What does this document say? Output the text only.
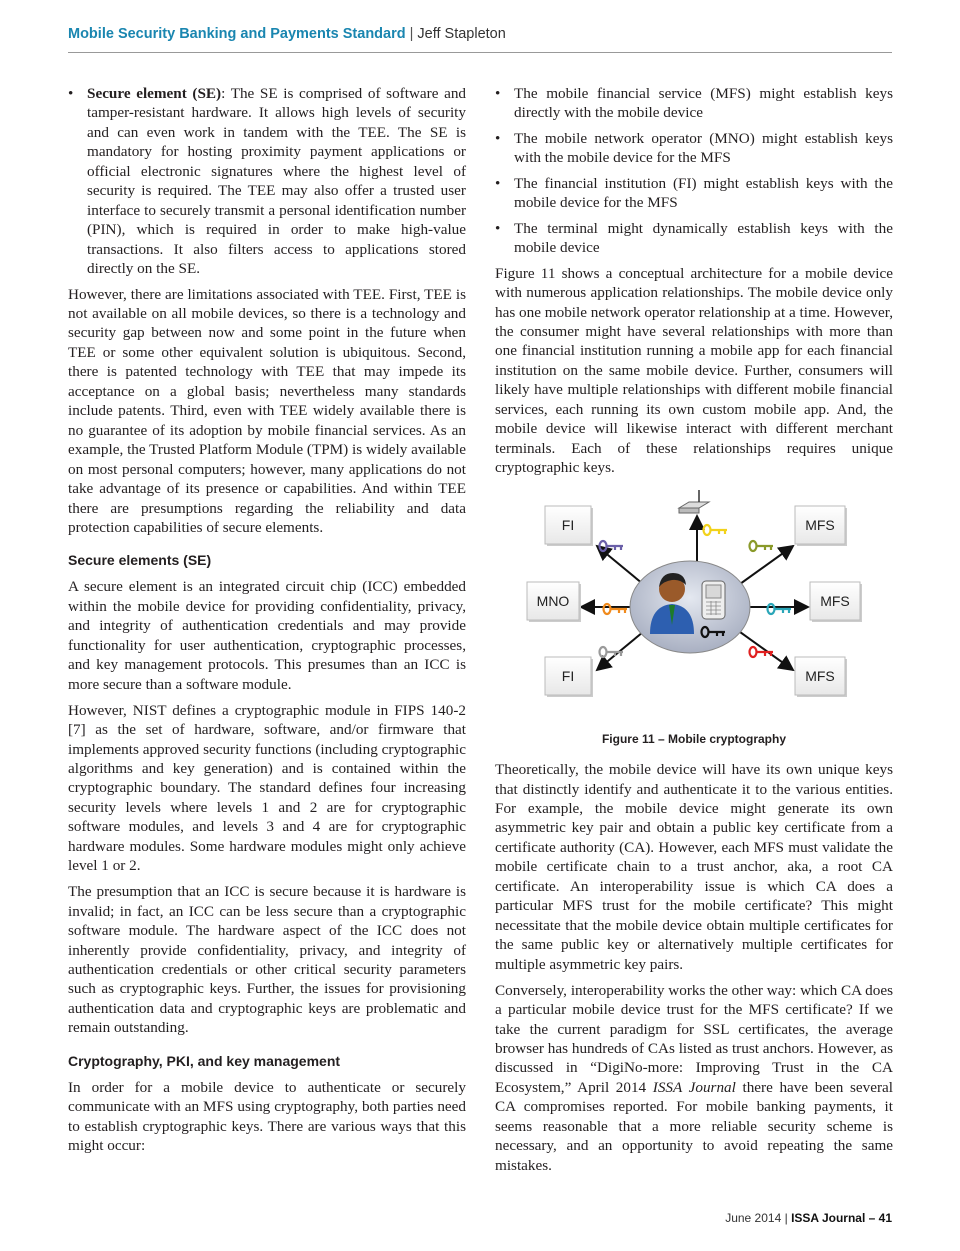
Mobile Security Banking and Payments Standard | Jeff Stapleton
• Secure element (SE): The SE is comprised of software and tamper-resistant hardware. It allows high levels of security and can even work in tandem with the TEE. The SE is mandatory for hosting proximity payment applications or official electronic signatures where the highest level of security is required. The TEE may also offer a trusted user interface to securely transmit a personal identification number (PIN), which is required in order to make high-value transactions. It also filters access to applications stored directly on the SE.

However, there are limitations associated with TEE. First, TEE is not available on all mobile devices, so there is a technology and security gap between now and some point in the future when TEE or some other equivalent solution is ubiquitous. Second, there is patented technology with TEE that may impede its acceptance on a global basis; nevertheless many standards include patents. Third, even with TEE widely available there is no guarantee of its adoption by mobile financial services. As an example, the Trusted Platform Module (TPM) is widely available on most personal computers; however, many applications do not take advantage of its presence or capabilities. And within TEE there are presumptions regarding the reliability and data protection capabilities of secure elements.

Secure elements (SE)

A secure element is an integrated circuit chip (ICC) embedded within the mobile device for providing confidentiality, privacy, and integrity of authentication credentials and may provide functionality for user authentication, cryptographic processes, and key management protocols. This presumes than an ICC is more secure than a software module.

However, NIST defines a cryptographic module in FIPS 140-2 [7] as the set of hardware, software, and/or firmware that implements approved security functions (including cryptographic algorithms and key generation) and is contained within the cryptographic boundary. The standard defines four increasing security levels where levels 1 and 2 are for cryptographic software modules, and levels 3 and 4 are for cryptographic hardware modules. Some hardware modules might only achieve level 1 or 2.

The presumption that an ICC is secure because it is hardware is invalid; in fact, an ICC can be less secure than a cryptographic software module. The hardware aspect of the ICC does not inherently provide confidentiality, privacy, and integrity of authentication credentials or other critical security parameters such as cryptographic keys. Further, the issues for provisioning authentication data and cryptographic keys are problematic and remain outstanding.

Cryptography, PKI, and key management

In order for a mobile device to authenticate or securely communicate with an MFS using cryptography, both parties need to establish cryptographic keys. There are various ways that this might occur:

• The mobile financial service (MFS) might establish keys directly with the mobile device
• The mobile network operator (MNO) might establish keys with the mobile device for the MFS
• The financial institution (FI) might establish keys with the mobile device for the MFS
• The terminal might dynamically establish keys with the mobile device

Figure 11 shows a conceptual architecture for a mobile device with numerous application relationships. The mobile device only has one mobile network operator relationship at a time. However, the consumer might have several relationships with more than one financial institution running a mobile app for each financial institution on the same mobile device. Further, consumers will likely have multiple relationships with different mobile financial services, each running its own custom mobile app. And, the mobile device will likewise interact with different merchant terminals. Each of these relationships requires unique cryptographic keys.

FI	MFS
MNO	MFS
FI	MFS
Figure 11 – Mobile cryptography

Theoretically, the mobile device will have its own unique keys that distinctly identify and authenticate it to the various entities. For example, the mobile device might generate its own asymmetric key pair and obtain a public key certificate from a certificate authority (CA). However, each MFS must validate the mobile certificate chain to a trust anchor, aka, a root CA certificate. An interoperability issue is which CA does a particular MFS trust for the mobile certificate? This might necessitate that the mobile device obtain multiple certificates for the same public key or alternatively multiple certificates for multiple asymmetric key pairs.

Conversely, interoperability works the other way: which CA does a particular mobile device trust for the MFS certificate? If we take the current paradigm for SSL certificates, the average browser has hundreds of CAs listed as trust anchors. However, as discussed in “DigiNo-more: Improving Trust in the CA Ecosystem,” April 2014 ISSA Journal there have been several CA compromises reported. For mobile banking payments, it seems reasonable that a more reliable security scheme is necessary, and an opportunity to avoid repeating the same mistakes.

June 2014 | ISSA Journal – 41
